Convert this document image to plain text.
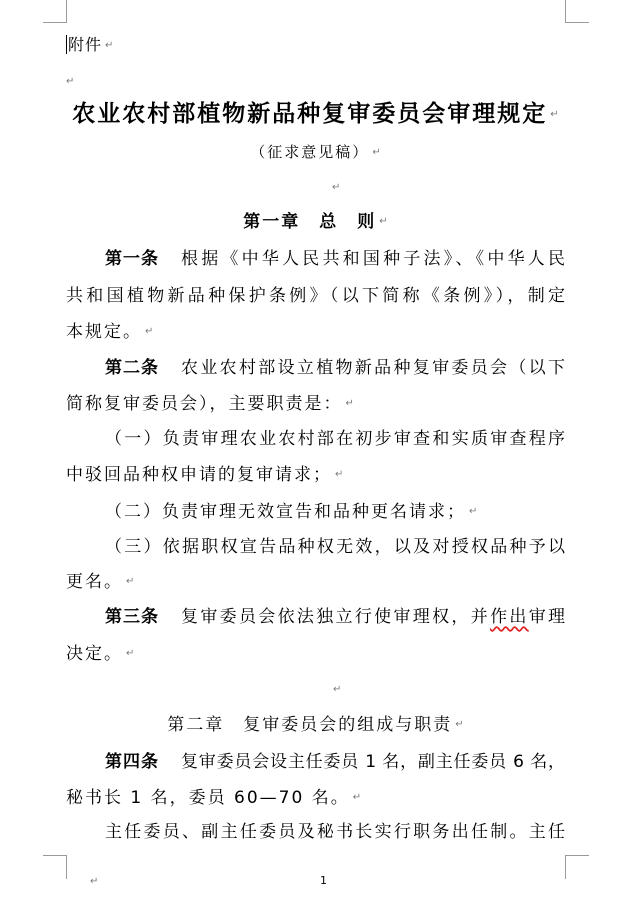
附件 ↵
↵
农业农村部植物新品种复审委员会审理规定 ↵
（征求意见稿） ↵
↵
第一章　总　则 ↵
第一条 根据《中华人民共和国种子法》、《中华人民
共和国植物新品种保护条例》（以下简称《条例》），制定
本规定。 ↵
第二条 农业农村部设立植物新品种复审委员会（以下
简称复审委员会），主要职责是： ↵
（一）负责审理农业农村部在初步审查和实质审查程序
中驳回品种权申请的复审请求； ↵
（二）负责审理无效宣告和品种更名请求； ↵
（三）依据职权宣告品种权无效，以及对授权品种予以
更名。 ↵
第三条 复审委员会依法独立行使审理权，并作出审理
决定。 ↵
↵
第二章　复审委员会的组成与职责 ↵
第四条 复审委员会设主任委员 1 名，副主任委员 6 名，
秘书长 1 名，委员 60—70 名。 ↵
主任委员、副主任委员及秘书长实行职务出任制。主任
↵	1
